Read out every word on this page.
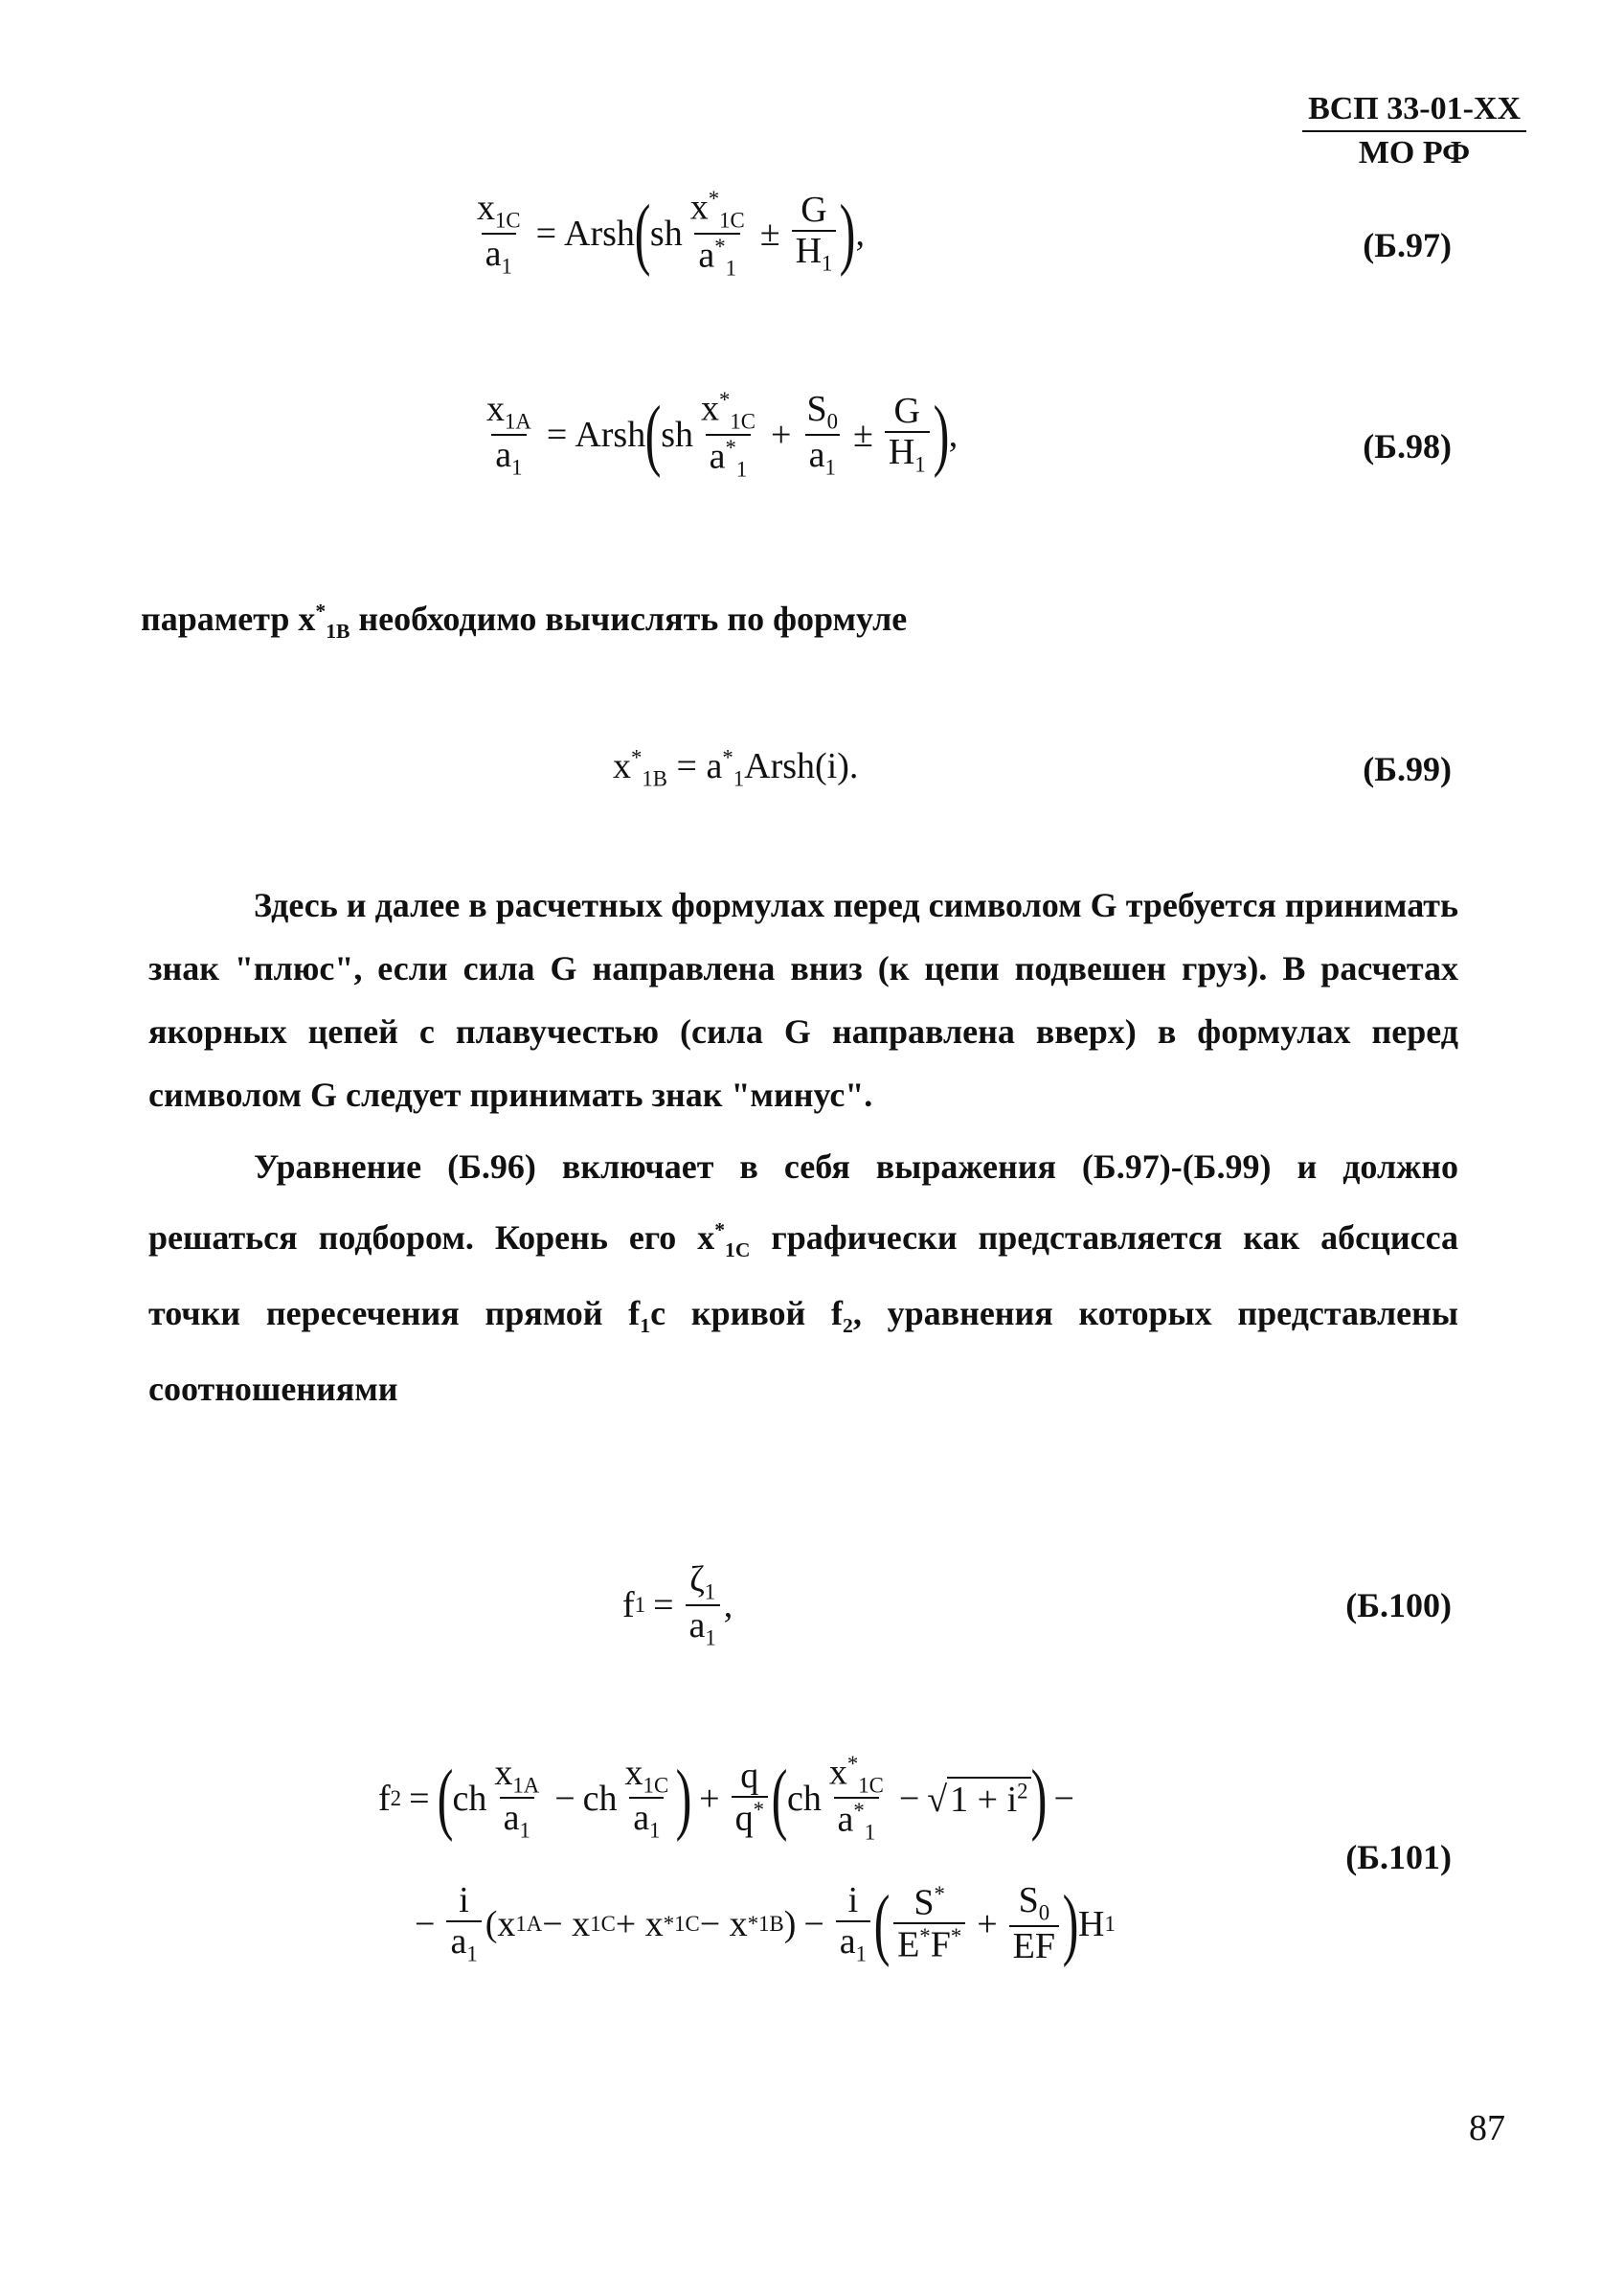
ВСП 33-01-ХХ
МО РФ
$\frac{x_{1C}}{a_1}$ = Arsh ( sh $\frac{x^*_{1C}}{a^*_1} \pm \frac{G}{H_1}$ ) ,	(Б.97)
$\frac{x_{1A}}{a_1}$ = Arsh ( sh $\frac{x^*_{1C}}{a^*_1} + \frac{S_0}{a_1} \pm \frac{G}{H_1}$ ) ,	(Б.98)
параметр $x^*_{1B}$ необходимо вычислять по формуле
$x^*_{1B}$ = $a^*_1Arsh(i)$.	(Б.99)
Здесь и далее в расчетных формулах перед символом G требуется принимать знак "плюс", если сила G направлена вниз (к цепи подвешен груз). В расчетах якорных цепей с плавучестью (сила G направлена вверх) в формулах перед символом G следует принимать знак "минус".
Уравнение (Б.96) включает в себя выражения (Б.97)-(Б.99) и должно решаться подбором. Корень его $x^*_{1C}$ графически представляется как абсцисса точки пересечения прямой $f_1с$ кривой $f_2$, уравнения которых представлены соотношениями
f $1 = \frac{\zeta_1}{a_1}$ ,	(Б.100)
f 2 = ( ch $\frac{x_{1A}}{a_1}$ − ch $\frac{x_{1C}}{a_1}$ ) + $\frac{q}{q^*}$ ( ch $\frac{x^*_{1C}}{a^*_1}$ − √ $1 + i^2$ ) −
− $\frac{i}{a_1} (x$ 1A − x 1C + x * 1C − x * 1B ) − $\frac{i}{a_1}$ ( $\frac{S^*}{E^*F^*} + \frac{S_0}{EF}$ ) H 1
(Б.101)
87
